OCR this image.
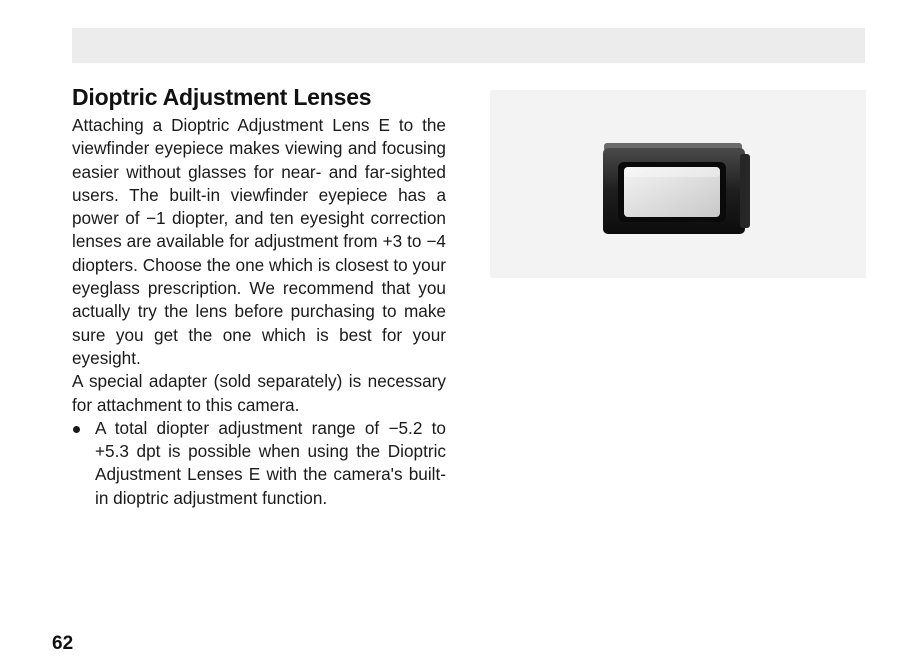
Dioptric Adjustment Lenses

Attaching a Dioptric Adjustment Lens E to the viewfinder eyepiece makes viewing and focusing easier without glasses for near- and far-sighted users. The built-in viewfinder eyepiece has a power of −1 diopter, and ten eyesight correction lenses are available for adjustment from +3 to −4 diopters. Choose the one which is closest to your eyeglass prescription. We recommend that you actually try the lens before purchasing to make sure you get the one which is best for your eyesight.

A special adapter (sold separately) is necessary for attachment to this camera.

A total diopter adjustment range of −5.2 to +5.3 dpt is possible when using the Dioptric Adjustment Lenses E with the camera's built-in dioptric adjustment function.
62
